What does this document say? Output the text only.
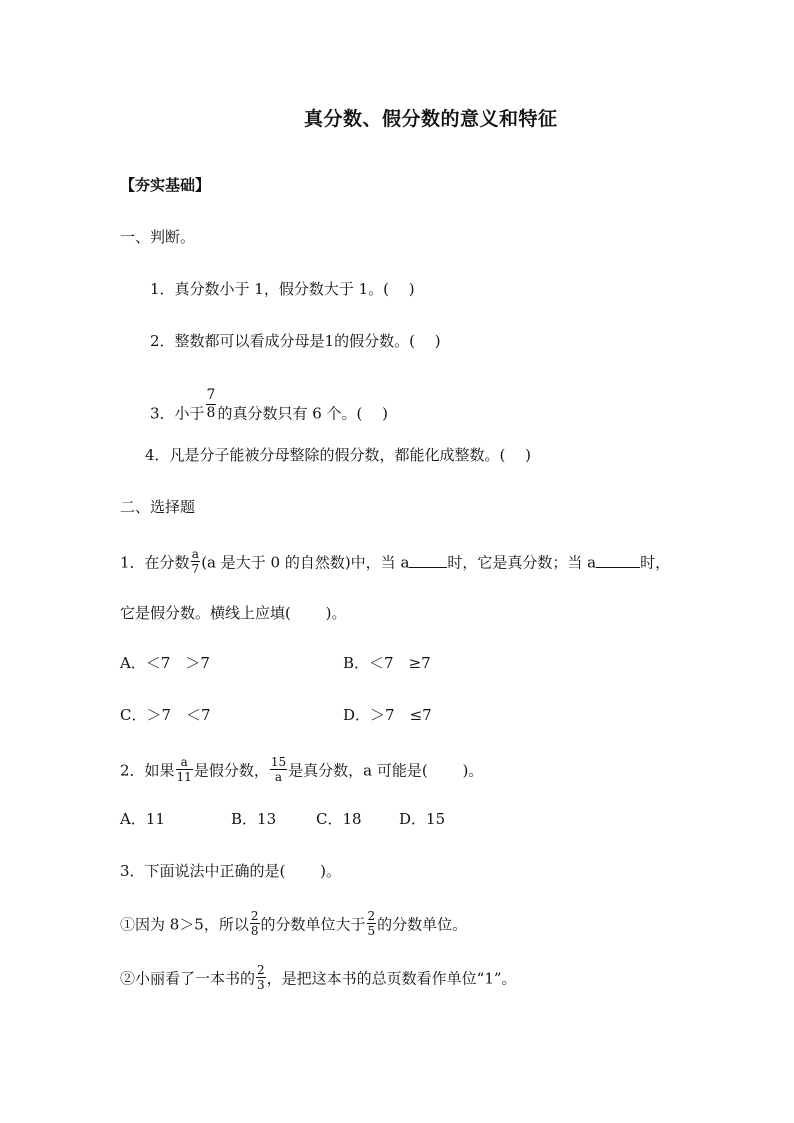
真分数、假分数的意义和特征
【夯实基础】
一、判断。
1．真分数小于 1，假分数大于 1。(　 )
2．整数都可以看成分母是1的假分数。(　 )
3．小于 $\frac{7}{8}$ 的真分数只有 6 个。(　 )
4．凡是分子能被分母整除的假分数，都能化成整数。(　 )
二、选择题
1．在分数 $\frac{a}{7} (a$ 是大于 0 的自然数)中，当 a	时，它是真分数；当 a	时，
它是假分数。横线上应填(　　 )。
A．＜7　＞7	B．＜7　≥7
C．＞7　＜7	D．＞7　≤7
2．如果 $\frac{a}{11}$ 是假分数， $\frac{15}{a}$ 是真分数，a 可能是(　　 )。
A．11	B．13	C．18 D．15
3．下面说法中正确的是(　　 )。
①因为 8＞5，所以 $\frac{2}{8}$ 的分数单位大于 $\frac{2}{5}$ 的分数单位。
②小丽看了一本书的 $\frac{2}{3}$ ，是把这本书的总页数看作单位“1”。
